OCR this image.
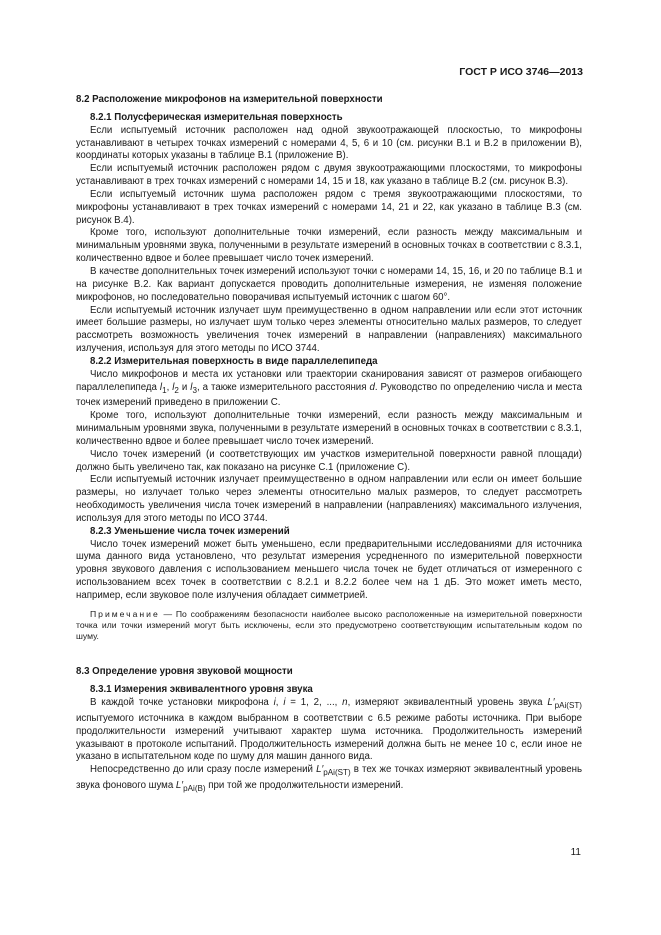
ГОСТ Р ИСО 3746—2013

8.2 Расположение микрофонов на измерительной поверхности

8.2.1 Полусферическая измерительная поверхность

Если испытуемый источник расположен над одной звукоотражающей плоскостью, то микрофоны устанавливают в четырех точках измерений с номерами 4, 5, 6 и 10 (см. рисунки В.1 и В.2 в приложении В), координаты которых указаны в таблице В.1 (приложение В).

Если испытуемый источник расположен рядом с двумя звукоотражающими плоскостями, то микрофоны устанавливают в трех точках измерений с номерами 14, 15 и 18, как указано в таблице В.2 (см. рисунок В.3).

Если испытуемый источник шума расположен рядом с тремя звукоотражающими плоскостями, то микрофоны устанавливают в трех точках измерений с номерами 14, 21 и 22, как указано в таблице В.3 (см. рисунок В.4).

Кроме того, используют дополнительные точки измерений, если разность между максимальным и минимальным уровнями звука, полученными в результате измерений в основных точках в соответствии с 8.3.1, количественно вдвое и более превышает число точек измерений.

В качестве дополнительных точек измерений используют точки с номерами 14, 15, 16, и 20 по таблице В.1 и на рисунке В.2. Как вариант допускается проводить дополнительные измерения, не изменяя положение микрофонов, но последовательно поворачивая испытуемый источник с шагом 60°.

Если испытуемый источник излучает шум преимущественно в одном направлении или если этот источник имеет большие размеры, но излучает шум только через элементы относительно малых размеров, то следует рассмотреть возможность увеличения точек измерений в направлении (направлениях) максимального излучения, используя для этого методы по ИСО 3744.

8.2.2 Измерительная поверхность в виде параллелепипеда

Число микрофонов и места их установки или траектории сканирования зависят от размеров огибающего параллелепипеда $l_1$, $l_2$ и $l_3$, а также измерительного расстояния d. Руководство по определению числа и места точек измерений приведено в приложении С.

Кроме того, используют дополнительные точки измерений, если разность между максимальным и минимальным уровнями звука, полученными в результате измерений в основных точках в соответствии с 8.3.1, количественно вдвое и более превышает число точек измерений.

Число точек измерений (и соответствующих им участков измерительной поверхности равной площади) должно быть увеличено так, как показано на рисунке С.1 (приложение С).

Если испытуемый источник излучает преимущественно в одном направлении или если он имеет большие размеры, но излучает только через элементы относительно малых размеров, то следует рассмотреть необходимость увеличения числа точек измерений в направлении (направлениях) максимального излучения, используя для этого методы по ИСО 3744.

8.2.3 Уменьшение числа точек измерений

Число точек измерений может быть уменьшено, если предварительными исследованиями для источника шума данного вида установлено, что результат измерения усредненного по измерительной поверхности уровня звукового давления с использованием меньшего числа точек не будет отличаться от измеренного с использованием всех точек в соответствии с 8.2.1 и 8.2.2 более чем на 1 дБ. Это может иметь место, например, если звуковое поле излучения обладает симметрией.

Примечание — По соображениям безопасности наиболее высоко расположенные на измерительной поверхности точка или точки измерений могут быть исключены, если это предусмотрено соответствующим испытательным кодом по шуму.

8.3 Определение уровня звуковой мощности

8.3.1 Измерения эквивалентного уровня звука

В каждой точке установки микрофона i, i = 1, 2, ..., n, измеряют эквивалентный уровень звука $L'_{pAi(ST)}$ испытуемого источника в каждом выбранном в соответствии с 6.5 режиме работы источника. При выборе продолжительности измерений учитывают характер шума источника. Продолжительность измерений указывают в протоколе испытаний. Продолжительность измерений должна быть не менее 10 с, если иное не указано в испытательном коде по шуму для машин данного вида.

Непосредственно до или сразу после измерений $L'_{pAi(ST)}$ в тех же точках измеряют эквивалентный уровень звука фонового шума $L'_{pAi(B)}$ при той же продолжительности измерений.

11
